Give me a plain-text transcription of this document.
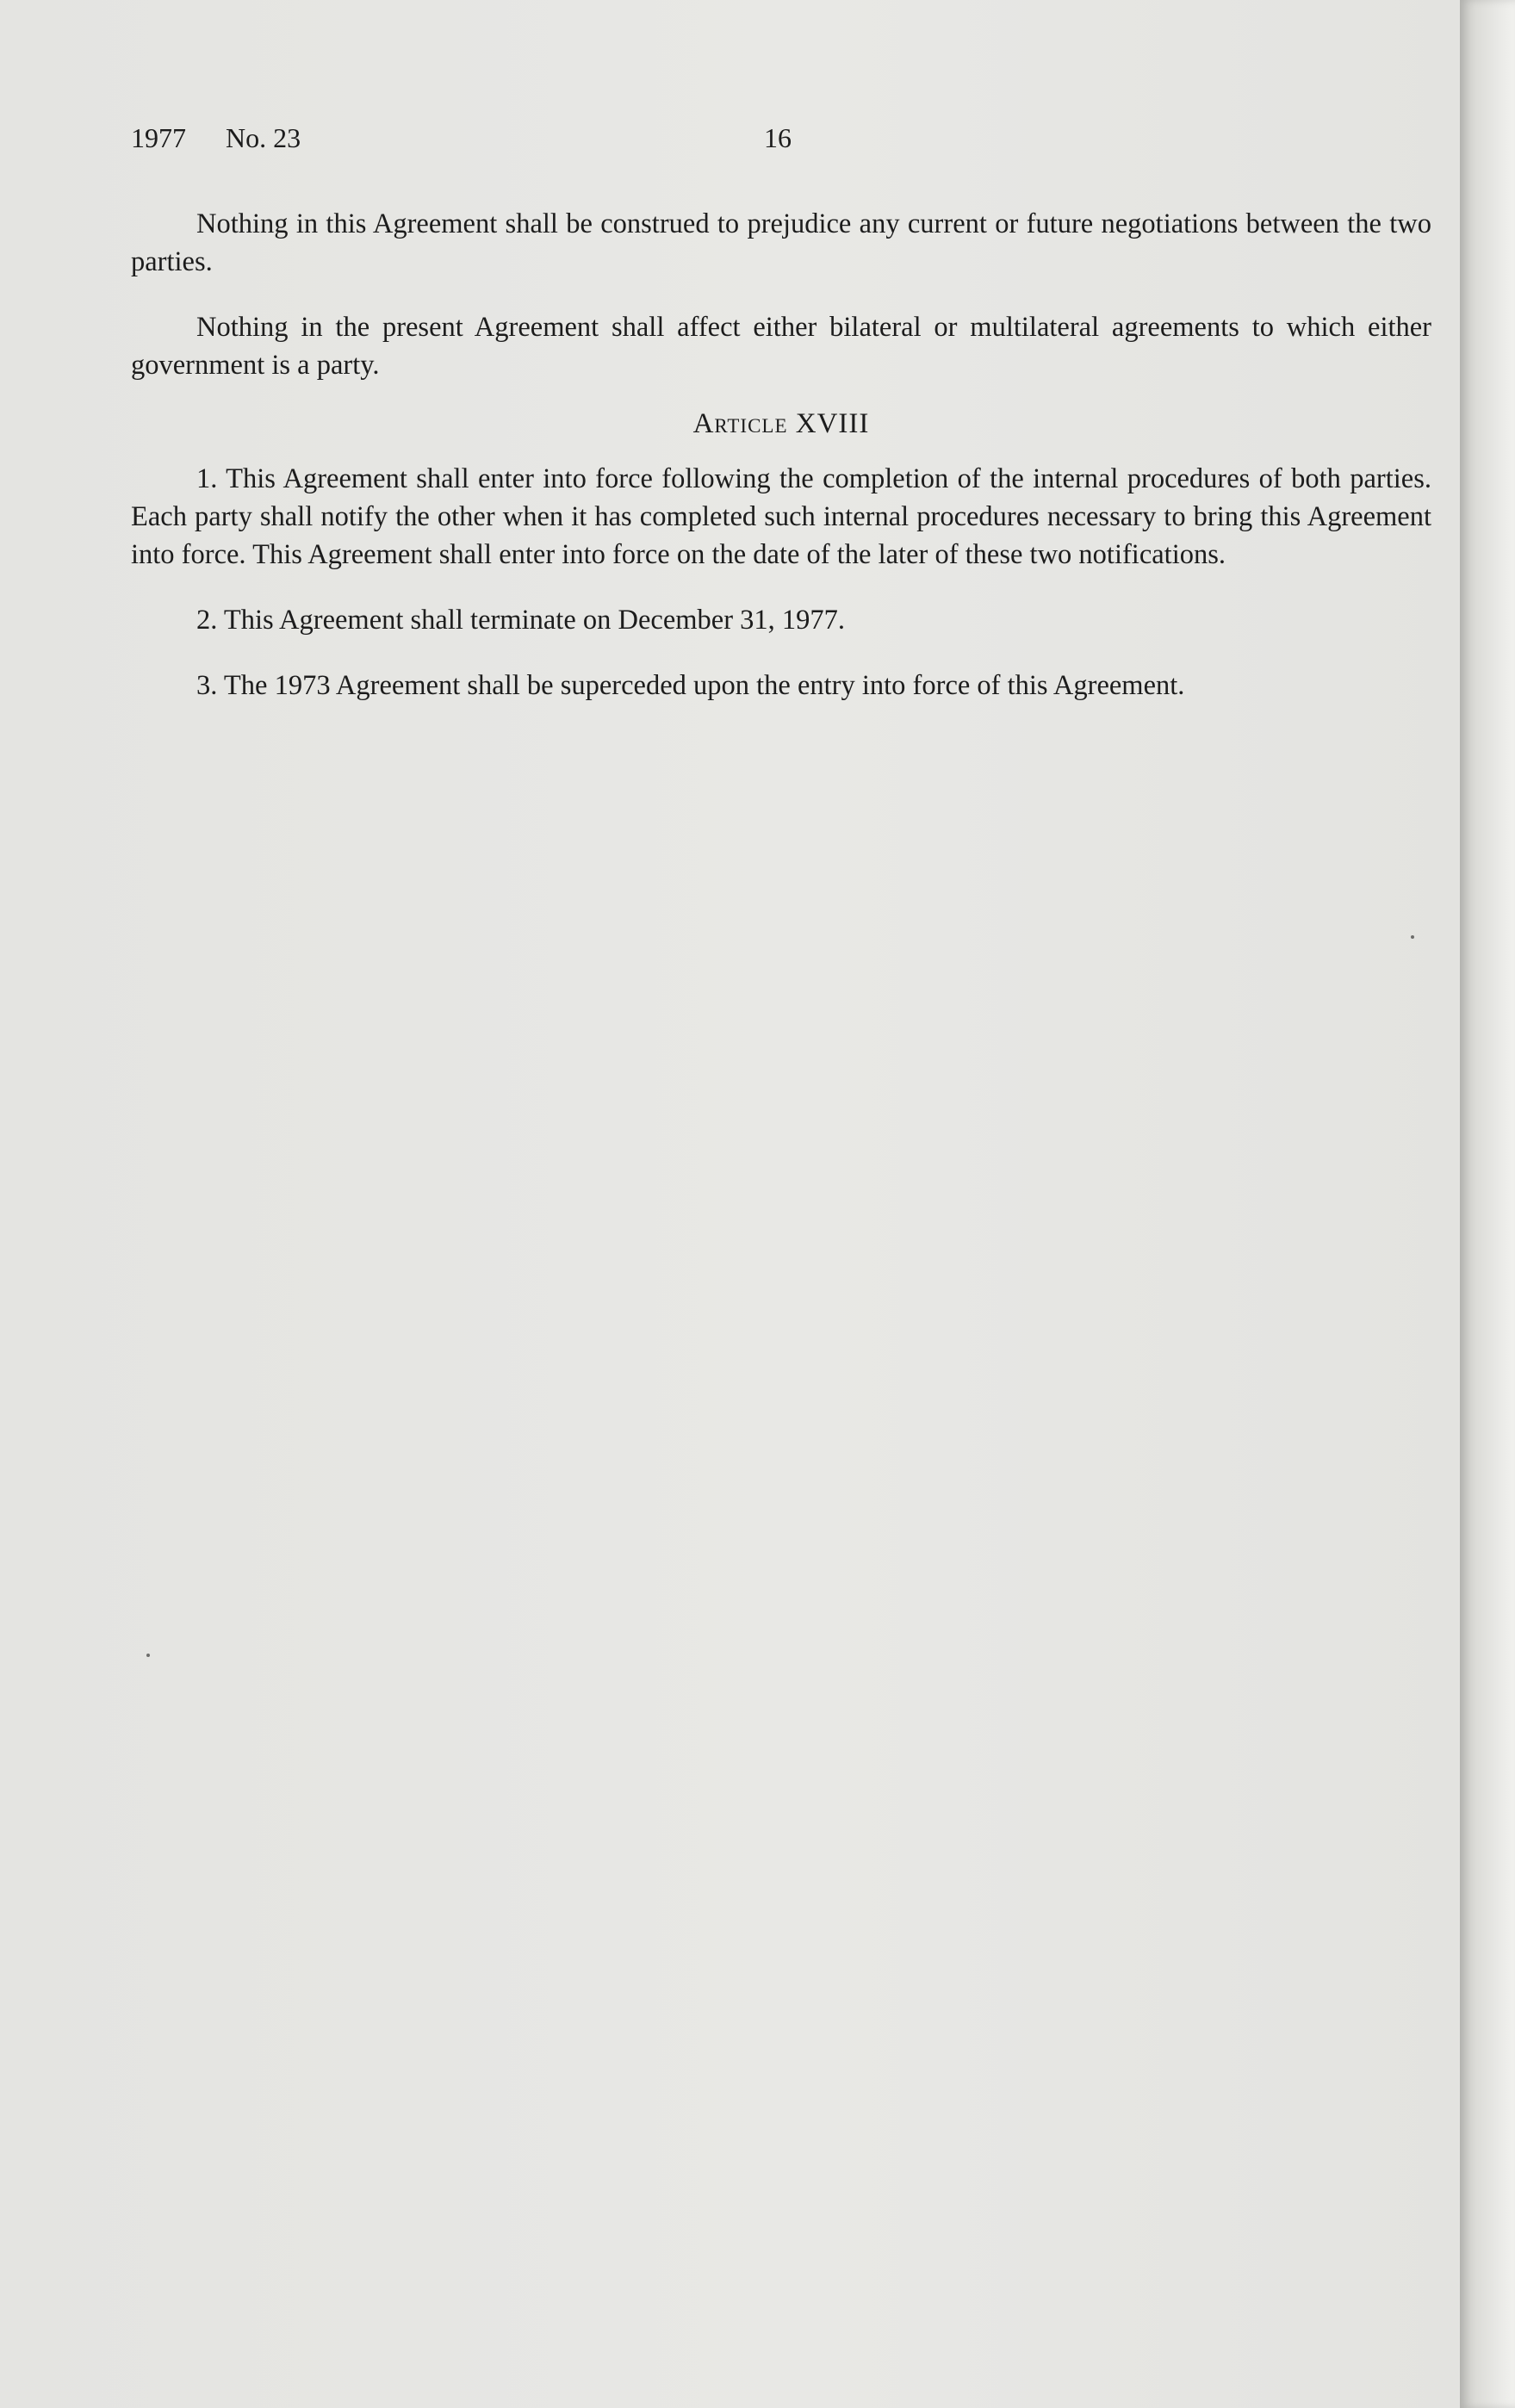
1977 No. 23	16

Nothing in this Agreement shall be construed to prejudice any current or future negotiations between the two parties.

Nothing in the present Agreement shall affect either bilateral or multilateral agreements to which either government is a party.

Article XVIII

1. This Agreement shall enter into force following the completion of the internal procedures of both parties. Each party shall notify the other when it has completed such internal procedures necessary to bring this Agreement into force. This Agreement shall enter into force on the date of the later of these two notifications.

2. This Agreement shall terminate on December 31, 1977.

3. The 1973 Agreement shall be superceded upon the entry into force of this Agreement.
